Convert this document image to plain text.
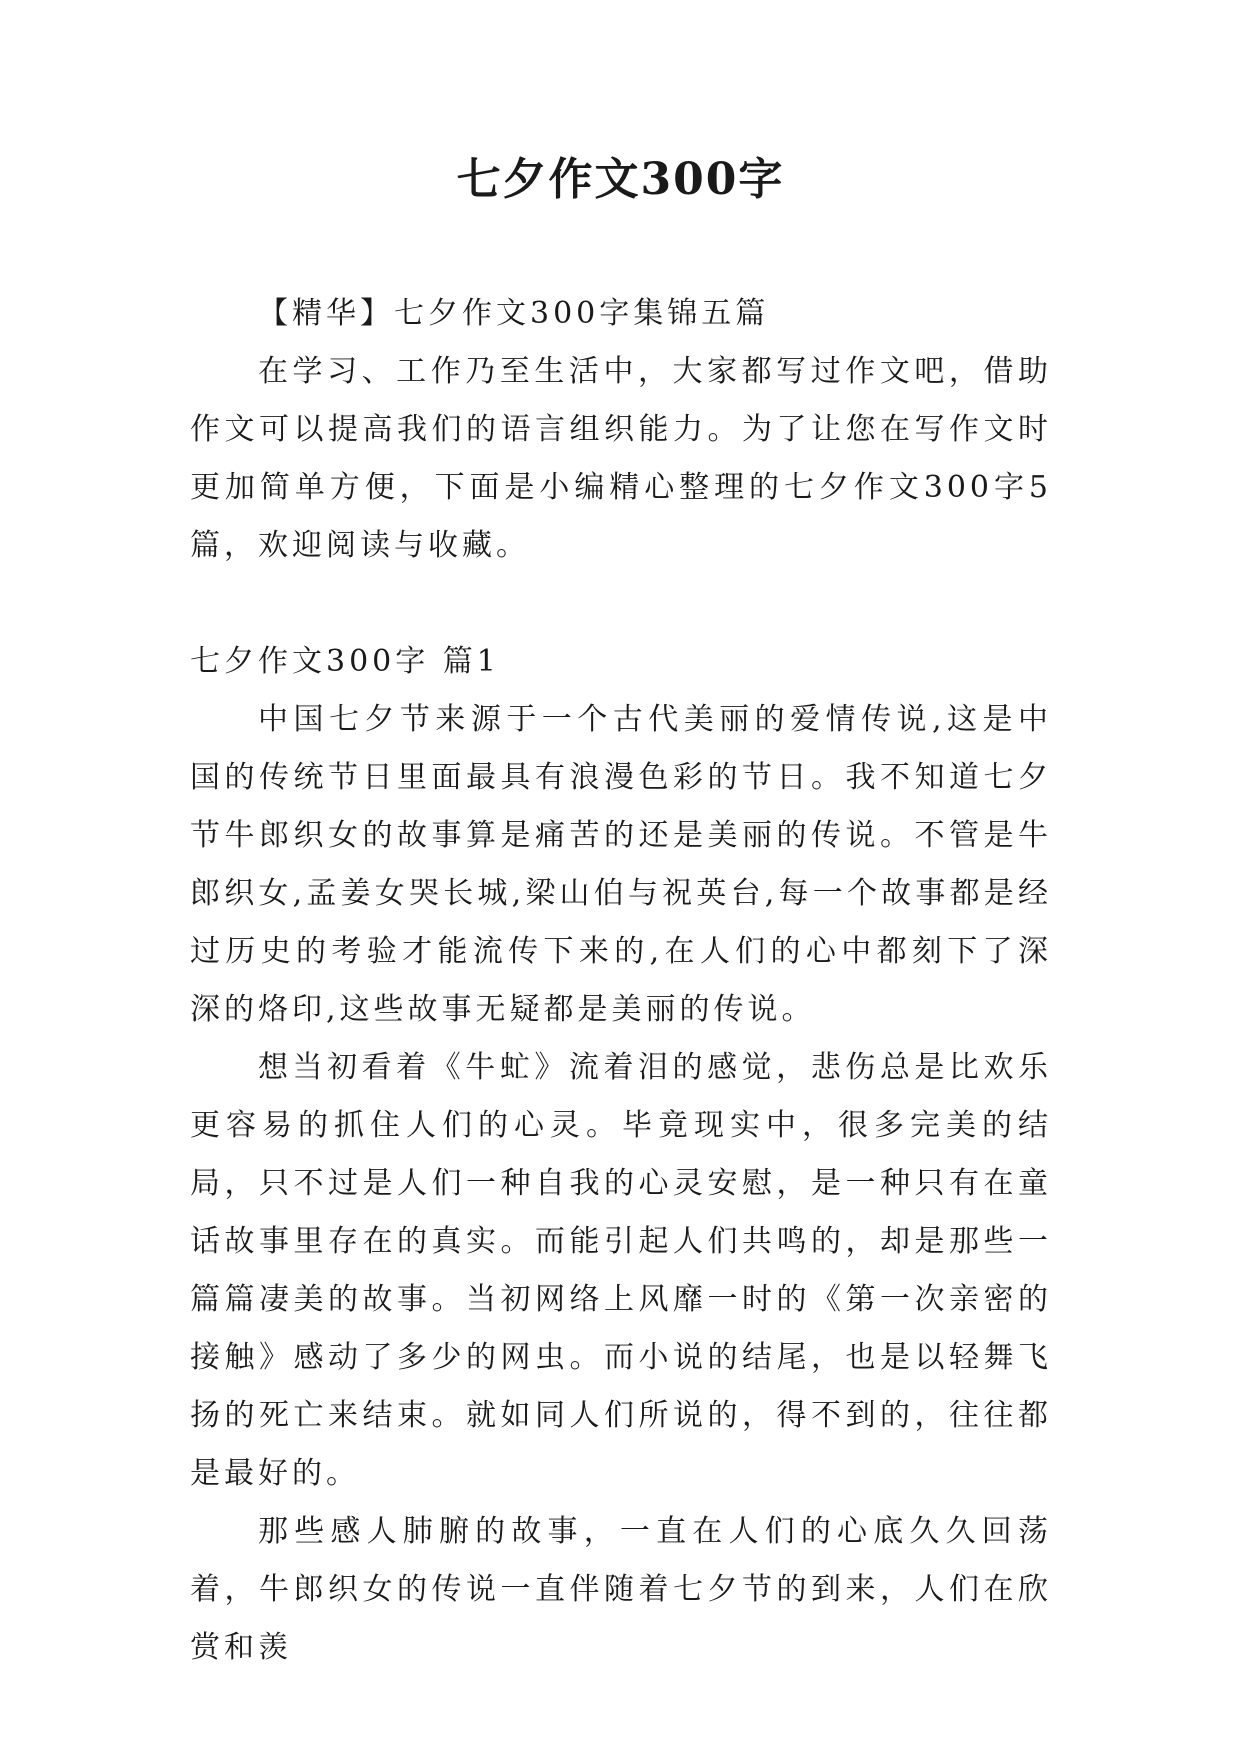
七夕作文300字

【精华】七夕作文300字集锦五篇

在学习、工作乃至生活中，大家都写过作文吧，借助作文可以提高我们的语言组织能力。为了让您在写作文时更加简单方便，下面是小编精心整理的七夕作文300字5篇，欢迎阅读与收藏。

七夕作文300字 篇1

中国七夕节来源于一个古代美丽的爱情传说,这是中国的传统节日里面最具有浪漫色彩的节日。我不知道七夕节牛郎织女的故事算是痛苦的还是美丽的传说。不管是牛郎织女,孟姜女哭长城,梁山伯与祝英台,每一个故事都是经过历史的考验才能流传下来的,在人们的心中都刻下了深深的烙印,这些故事无疑都是美丽的传说。

想当初看着《牛虻》流着泪的感觉，悲伤总是比欢乐更容易的抓住人们的心灵。毕竟现实中，很多完美的结局，只不过是人们一种自我的心灵安慰，是一种只有在童话故事里存在的真实。而能引起人们共鸣的，却是那些一篇篇凄美的故事。当初网络上风靡一时的《第一次亲密的接触》感动了多少的网虫。而小说的结尾，也是以轻舞飞扬的死亡来结束。就如同人们所说的，得不到的，往往都是最好的。

那些感人肺腑的故事，一直在人们的心底久久回荡着，牛郎织女的传说一直伴随着七夕节的到来，人们在欣赏和羡
